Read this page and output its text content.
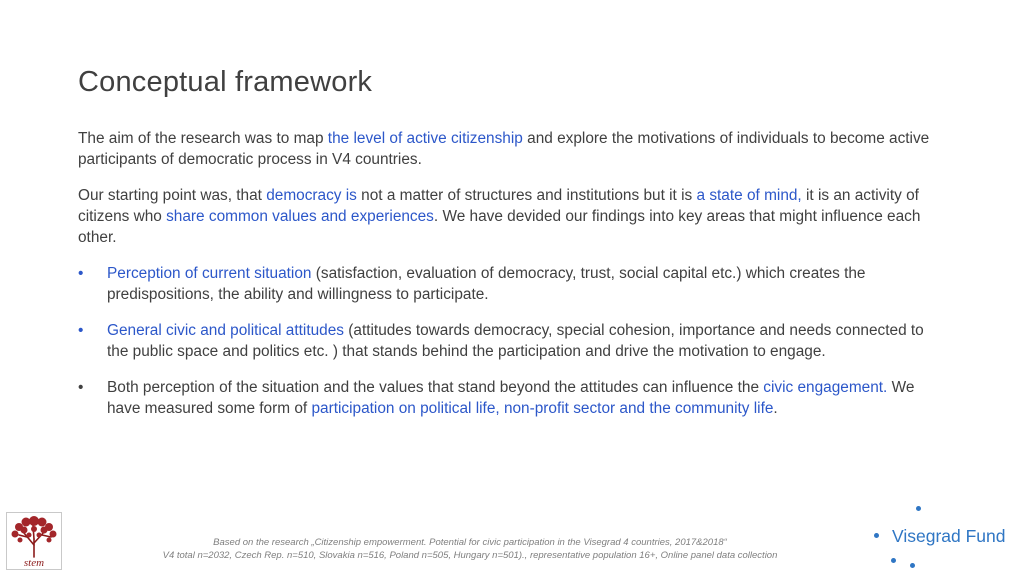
Conceptual framework

The aim of the research was to map the level of active citizenship and explore the motivations of individuals to become active participants of democratic process in V4 countries.

Our starting point was, that democracy is not a matter of structures and institutions but it is a state of mind, it is an activity of citizens who share common values and experiences. We have devided our findings into key areas that might influence each other.

•	Perception of current situation (satisfaction, evaluation of democracy, trust, social capital etc.) which creates the predispositions, the ability and willingness to participate.
•	General civic and political attitudes (attitudes towards democracy, special cohesion, importance and needs connected to the public space and politics etc. ) that stands behind the participation and drive the motivation to engage.
•	Both perception of the situation and the values that stand beyond the attitudes can influence the civic engagement. We have measured some form of participation on political life, non-profit sector and the community life.
Based on the research „Citizenship empowerment. Potential for civic participation in the Visegrad 4 countries, 2017&2018“
V4 total n=2032, Czech Rep. n=510, Slovakia n=516, Poland n=505, Hungary n=501)., representative population 16+, Online panel data collection
stem
Visegrad Fund
